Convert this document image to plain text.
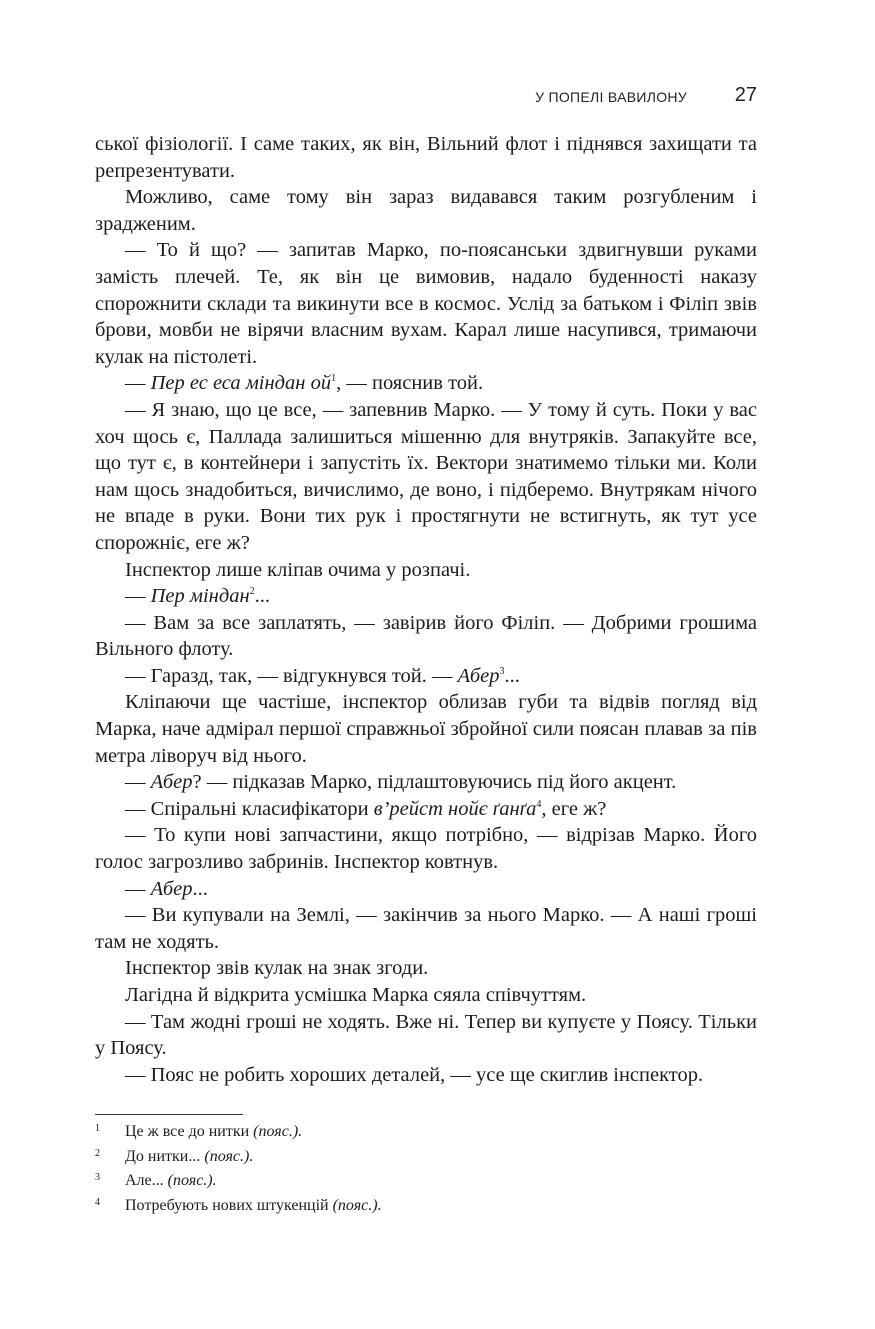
У ПОПЕЛІ ВАВИЛОНУ 27

ської фізіології. І саме таких, як він, Вільний флот і піднявся захищати та репрезентувати.

Можливо, саме тому він зараз видавався таким розгубленим і зрадженим.

— То й що? — запитав Марко, по-поясанськи здвигнувши руками замість плечей. Те, як він це вимовив, надало буденності наказу спорожнити склади та викинути все в космос. Услід за батьком і Філіп звів брови, мовби не вірячи власним вухам. Карал лише насупився, тримаючи кулак на пістолеті.

— Пер ес еса міндан $ой^1$, — пояснив той.

— Я знаю, що це все, — запевнив Марко. — У тому й суть. Поки у вас хоч щось є, Паллада залишиться мішенню для внутряків. Запакуйте все, що тут є, в контейнери і запустіть їх. Вектори знатимемо тільки ми. Коли нам щось знадобиться, вичислимо, де воно, і підберемо. Внутрякам нічого не впаде в руки. Вони тих рук і простягнути не встигнуть, як тут усе спорожніє, еге ж?

Інспектор лише кліпав очима у розпачі.

— Пер міндан$^2$...

— Вам за все заплатять, — завірив його Філіп. — Добрими грошима Вільного флоту.

— Гаразд, так, — відгукнувся той. — Абер$^3$...

Кліпаючи ще частіше, інспектор облизав губи та відвів погляд від Марка, наче адмірал першої справжньої збройної сили поясан плавав за пів метра ліворуч від нього.

— Абер? — підказав Марко, підлаштовуючись під його акцент.

— Спіральні класифікатори в’рейст нойє ґанґа$^4$, еге ж?

— То купи нові запчастини, якщо потрібно, — відрізав Марко. Його голос загрозливо забринів. Інспектор ковтнув.

— Абер...

— Ви купували на Землі, — закінчив за нього Марко. — А наші гроші там не ходять.

Інспектор звів кулак на знак згоди.

Лагідна й відкрита усмішка Марка сяяла співчуттям.

— Там жодні гроші не ходять. Вже ні. Тепер ви купуєте у Поясу. Тільки у Поясу.

— Пояс не робить хороших деталей, — усе ще скиглив інспектор.

1	Це ж все до нитки (пояс.).
2	До нитки... (пояс.).
3	Але... (пояс.).
4	Потребують нових штукенцій (пояс.).
